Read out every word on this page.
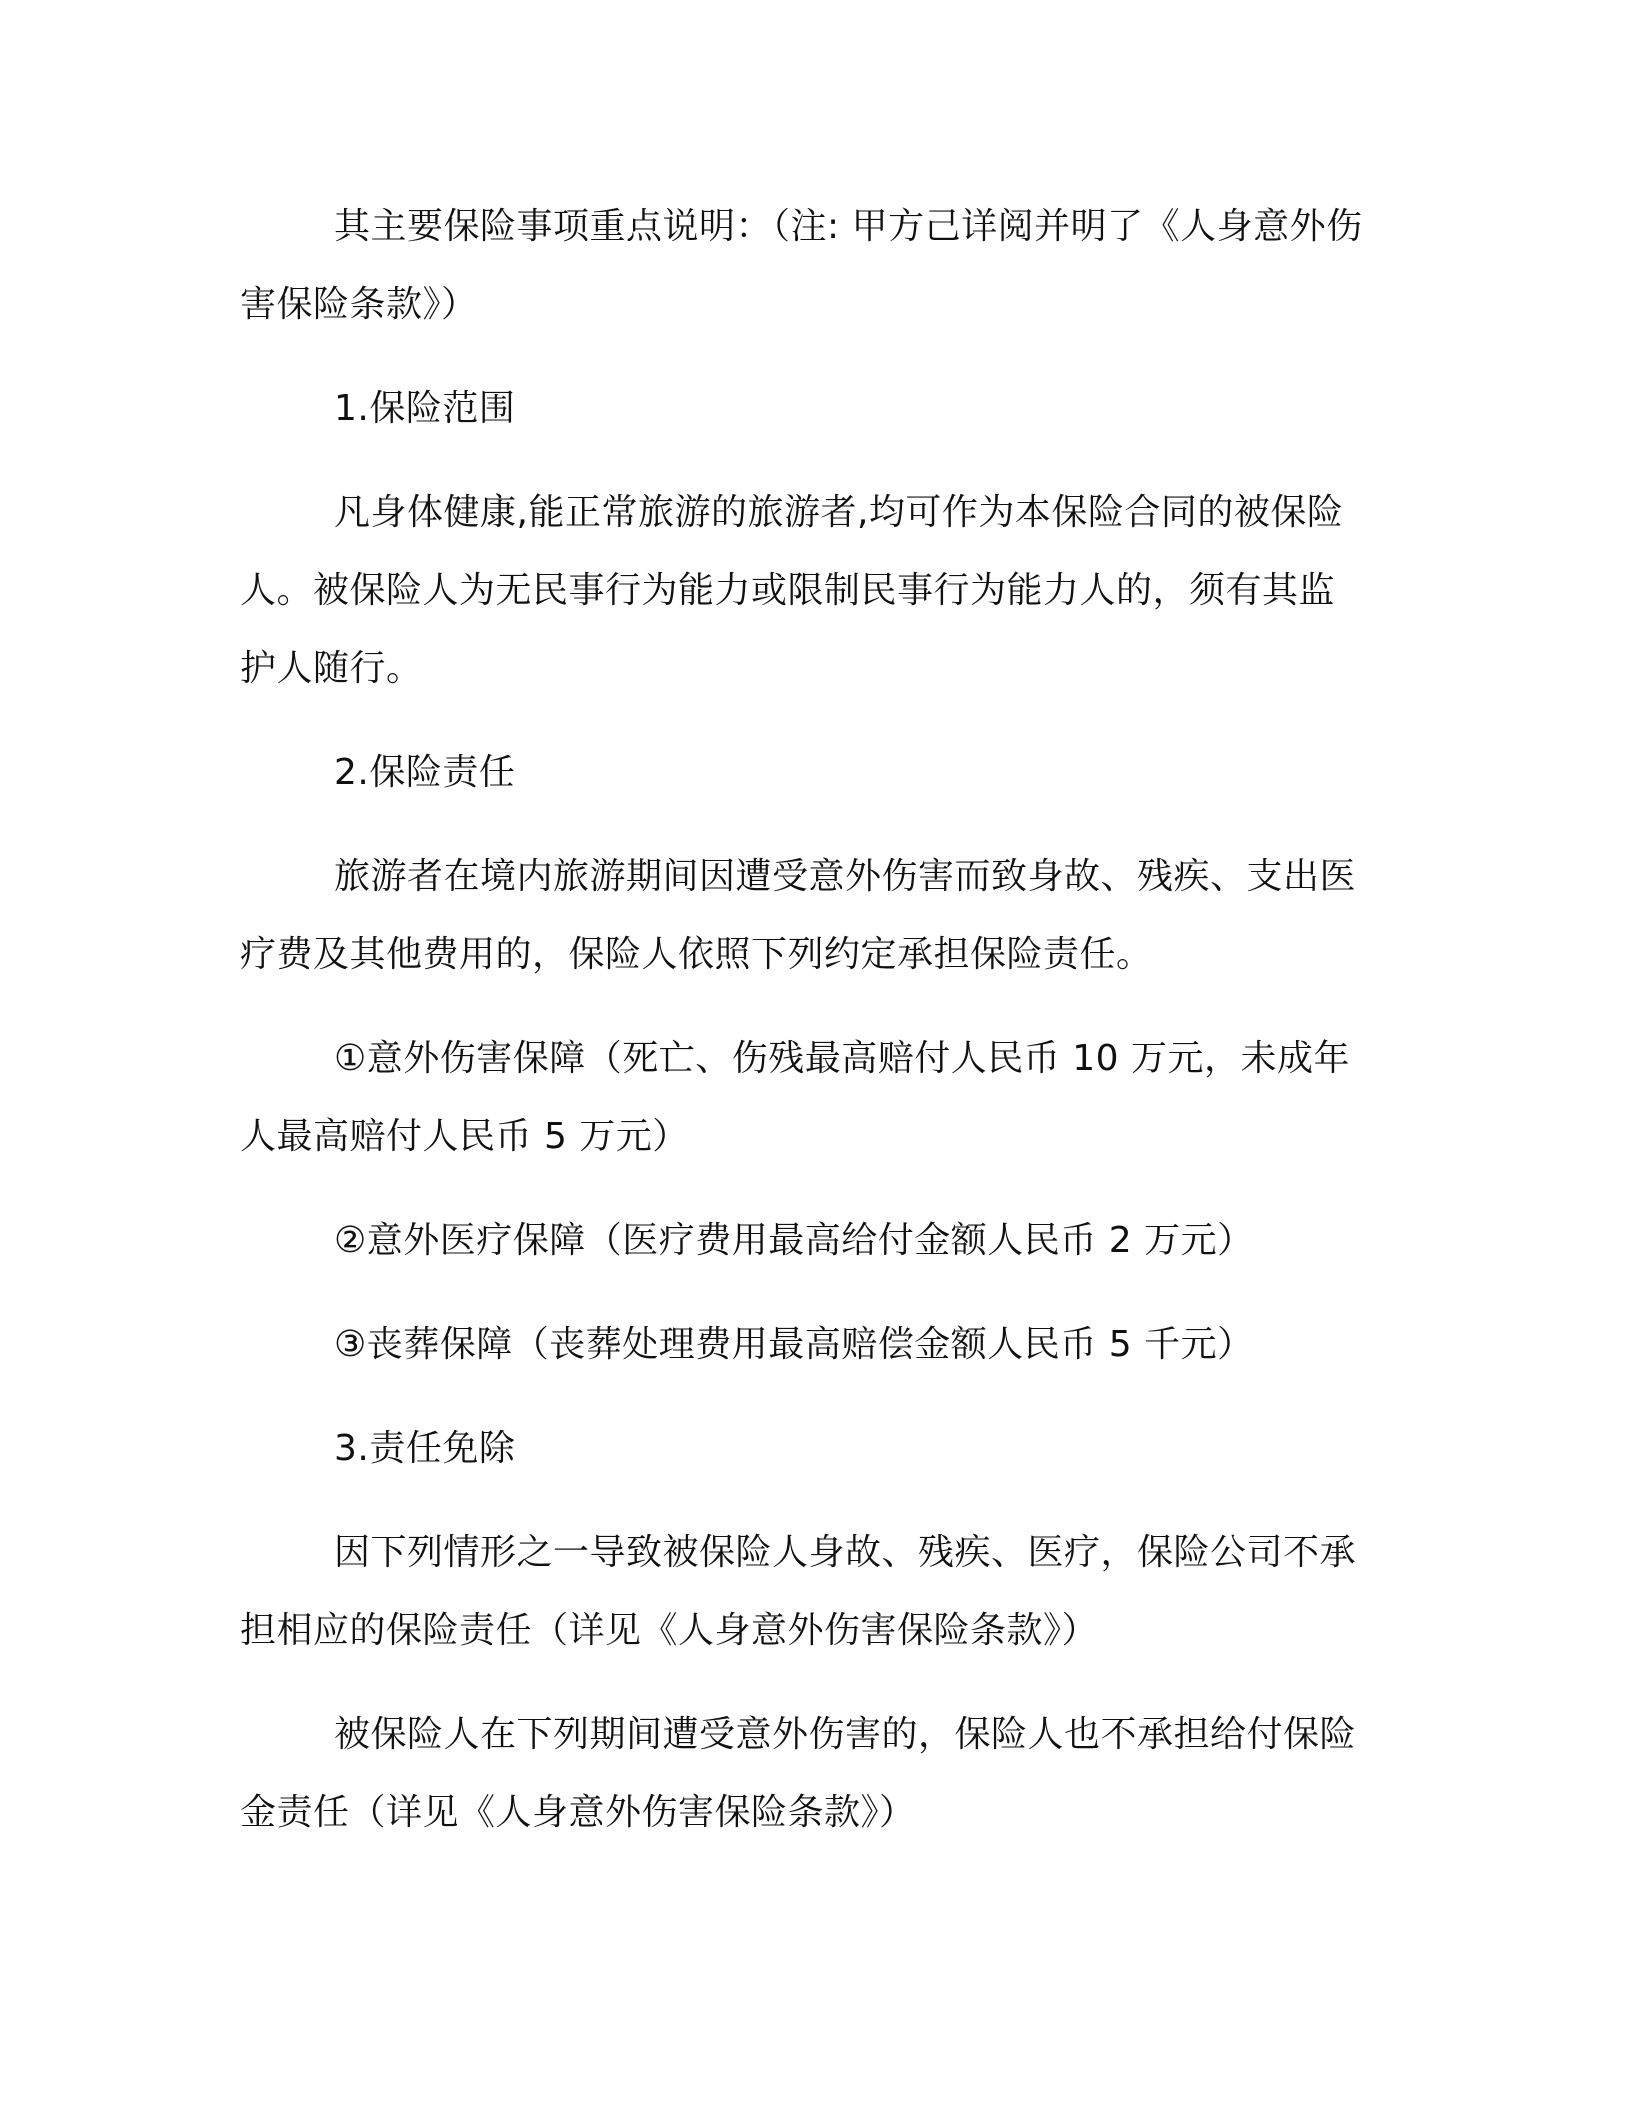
其主要保险事项重点说明：（注: 甲方己详阅并明了《人身意外伤害保险条款》）

1.保险范围

凡身体健康,能正常旅游的旅游者,均可作为本保险合同的被保险人。被保险人为无民事行为能力或限制民事行为能力人的，须有其监护人随行。

2.保险责任

旅游者在境内旅游期间因遭受意外伤害而致身故、残疾、支出医疗费及其他费用的，保险人依照下列约定承担保险责任。

①意外伤害保障（死亡、伤残最高赔付人民币 10 万元，未成年人最高赔付人民币 5 万元）

②意外医疗保障（医疗费用最高给付金额人民币 2 万元）

③丧葬保障（丧葬处理费用最高赔偿金额人民币 5 千元）

3.责任免除

因下列情形之一导致被保险人身故、残疾、医疗，保险公司不承担相应的保险责任（详见《人身意外伤害保险条款》）

被保险人在下列期间遭受意外伤害的，保险人也不承担给付保险金责任（详见《人身意外伤害保险条款》）
